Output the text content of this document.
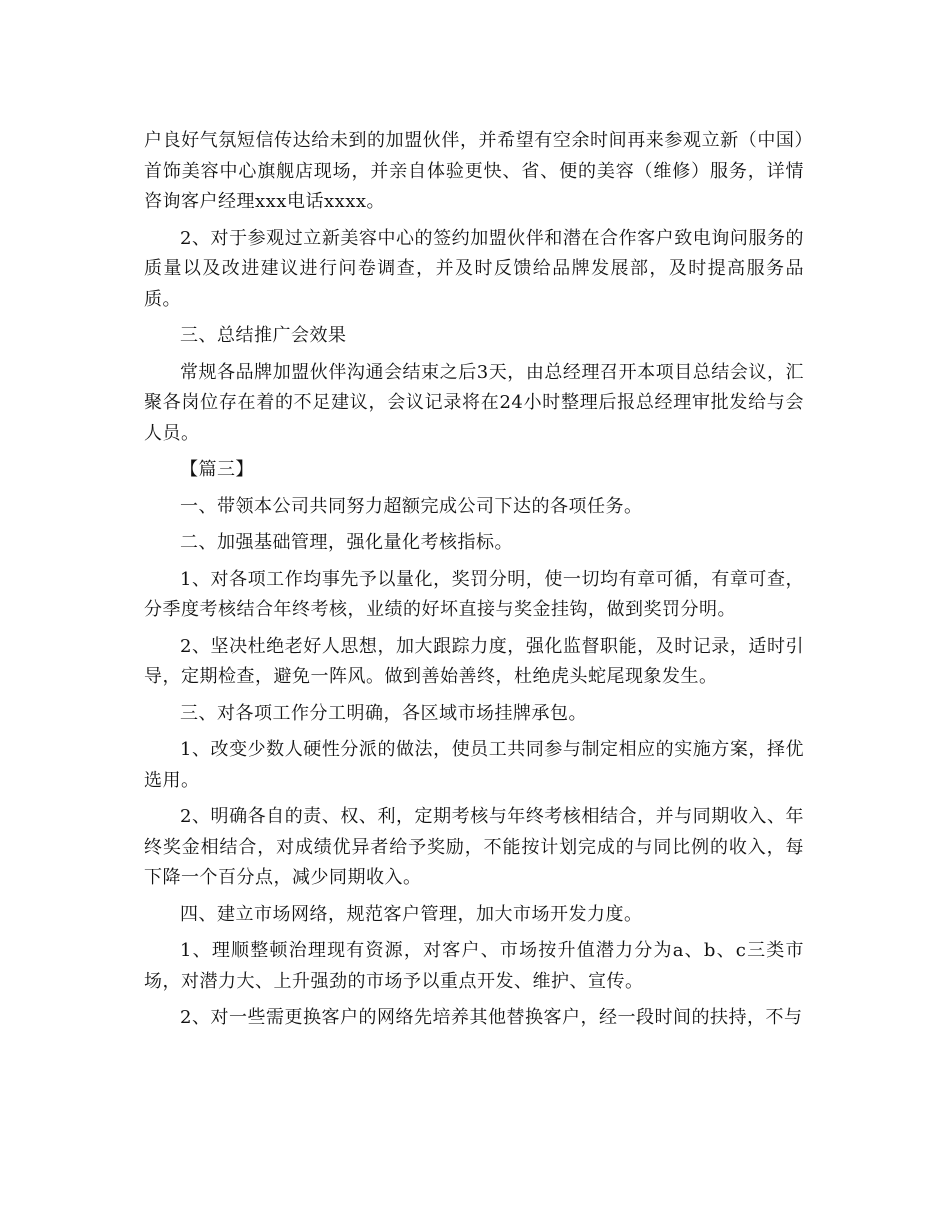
户良好气氛短信传达给未到的加盟伙伴，并希望有空余时间再来参观立新（中国）首饰美容中心旗舰店现场，并亲自体验更快、省、便的美容（维修）服务，详情咨询客户经理xxx电话xxxx。

2、对于参观过立新美容中心的签约加盟伙伴和潜在合作客户致电询问服务的质量以及改进建议进行问卷调查，并及时反馈给品牌发展部，及时提高服务品质。

三、总结推广会效果

常规各品牌加盟伙伴沟通会结束之后3天，由总经理召开本项目总结会议，汇聚各岗位存在着的不足建议，会议记录将在24小时整理后报总经理审批发给与会人员。

【篇三】

一、带领本公司共同努力超额完成公司下达的各项任务。

二、加强基础管理，强化量化考核指标。

1、对各项工作均事先予以量化，奖罚分明，使一切均有章可循，有章可查，分季度考核结合年终考核，业绩的好坏直接与奖金挂钩，做到奖罚分明。

2、坚决杜绝老好人思想，加大跟踪力度，强化监督职能，及时记录，适时引导，定期检查，避免一阵风。做到善始善终，杜绝虎头蛇尾现象发生。

三、对各项工作分工明确，各区域市场挂牌承包。

1、改变少数人硬性分派的做法，使员工共同参与制定相应的实施方案，择优选用。

2、明确各自的责、权、利，定期考核与年终考核相结合，并与同期收入、年终奖金相结合，对成绩优异者给予奖励，不能按计划完成的与同比例的收入，每下降一个百分点，减少同期收入。

四、建立市场网络，规范客户管理，加大市场开发力度。

1、理顺整顿治理现有资源，对客户、市场按升值潜力分为a、b、c三类市场，对潜力大、上升强劲的市场予以重点开发、维护、宣传。

2、对一些需更换客户的网络先培养其他替换客户，经一段时间的扶持，不与
